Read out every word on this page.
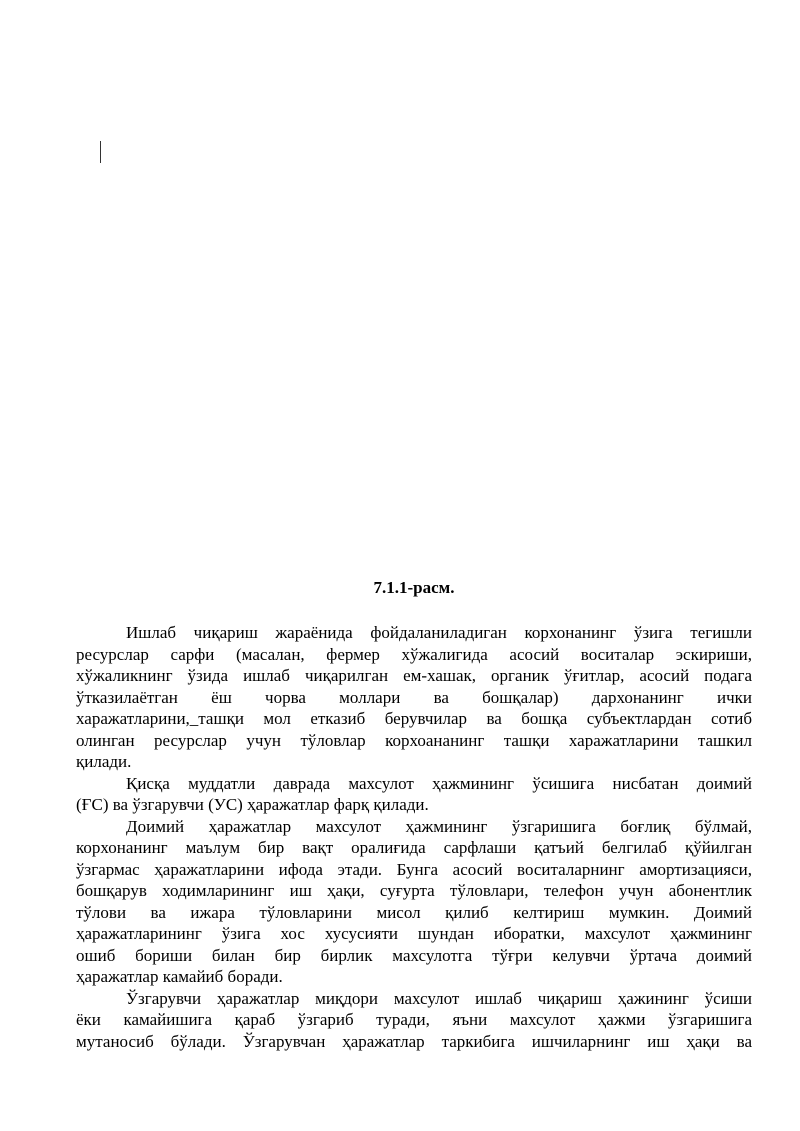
7.1.1-расм.

Ишлаб чиқариш жараёнида фойдаланиладиган корхонанинг ўзига тегишли
ресурслар сарфи (масалан, фермер хўжалигида асосий воситалар эскириши,
хўжаликнинг ўзида ишлаб чиқарилган ем-хашак, органик ўғитлар, асосий подага
ўтказилаётган ёш чорва моллари ва бошқалар) дархонанинг ички
харажатларини,_ташқи мол етказиб берувчилар ва бошқа субъектлардан сотиб
олинган ресурслар учун тўловлар корхоананинг ташқи харажатларини ташкил
қилади.

Қисқа муддатли даврада махсулот ҳажмининг ўсишига нисбатан доимий
(ҒС) ва ўзгарувчи (УС) ҳаражатлар фарқ қилади.

Доимий ҳаражатлар махсулот ҳажмининг ўзгаришига боғлиқ бўлмай,
корхонанинг маълум бир вақт оралиғида сарфлаши қатъий белгилаб қўйилган
ўзгармас ҳаражатларини ифода этади. Бунга асосий воситаларнинг амортизацияси,
бошқарув ходимларининг иш ҳақи, суғурта тўловлари, телефон учун абонентлик
тўлови ва ижара тўловларини мисол қилиб келтириш мумкин. Доимий
ҳаражатларининг ўзига хос хусусияти шундан иборатки, махсулот ҳажмининг
ошиб бориши билан бир бирлик махсулотга тўғри келувчи ўртача доимий
ҳаражатлар камайиб боради.

Ўзгарувчи ҳаражатлар миқдори махсулот ишлаб чиқариш ҳажининг ўсиши
ёки камайишига қараб ўзгариб туради, яъни махсулот ҳажми ўзгаришига
мутаносиб бўлади. Ўзгарувчан ҳаражатлар таркибига ишчиларнинг иш ҳақи ва
